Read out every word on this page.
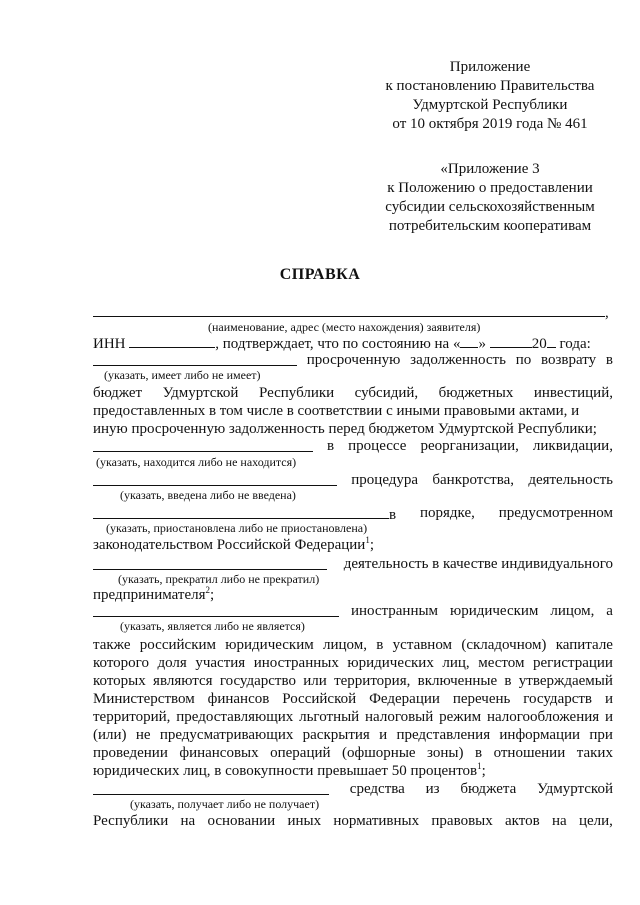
Приложение
к постановлению Правительства
Удмуртской Республики
от 10 октября 2019 года № 461
«Приложение 3
к Положению о предоставлении
субсидии сельскохозяйственным
потребительским кооперативам
СПРАВКА
,
(наименование, адрес (место нахождения) заявителя)
ИНН	, подтверждает, что по состоянию на « »	20 года:
просроченную задолженность по возврату в
(указать, имеет либо не имеет)
бюджет Удмуртской Республики субсидий, бюджетных инвестиций,
предоставленных в том числе в соответствии с иными правовыми актами, и
иную просроченную задолженность перед бюджетом Удмуртской Республики;
в процессе реорганизации, ликвидации,
(указать, находится либо не находится)
процедура банкротства, деятельность
(указать, введена либо не введена)
в порядке, предусмотренном
(указать, приостановлена либо не приостановлена)
законодательством Российской Федерации$^1$;
деятельность в качестве индивидуального
(указать, прекратил либо не прекратил)
предпринимателя$^2$;
иностранным юридическим лицом, а
(указать, является либо не является)
также российским юридическим лицом, в уставном (складочном) капитале
которого доля участия иностранных юридических лиц, местом регистрации
которых являются государство или территория, включенные в утверждаемый
Министерством финансов Российской Федерации перечень государств и
территорий, предоставляющих льготный налоговый режим налогообложения и
(или) не предусматривающих раскрытия и представления информации при
проведении финансовых операций (офшорные зоны) в отношении таких
юридических лиц, в совокупности превышает 50 процентов$^1$;
средства из бюджета Удмуртской
(указать, получает либо не получает)
Республики на основании иных нормативных правовых актов на цели,
